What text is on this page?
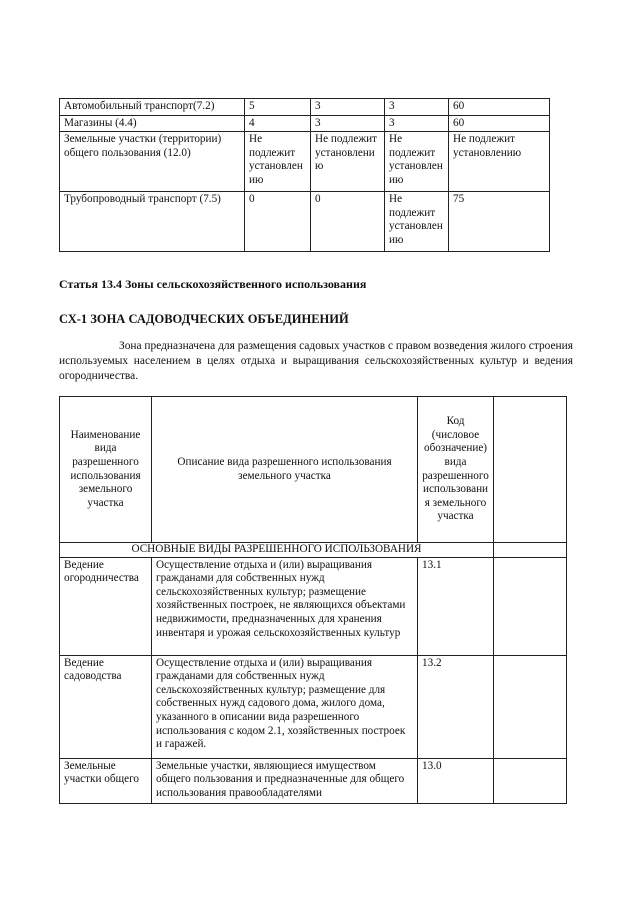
Автомобильный транспорт(7.2)	5	3	3	60
Магазины (4.4)	4	3	3	60
Земельные участки (территории) общего пользования (12.0)	Не подлежит установлению	Не подлежит установлению	Не подлежит установлению	Не подлежит установлению
Трубопроводный транспорт (7.5)	0	0	Не подлежит установлению	75
Статья 13.4 Зоны сельскохозяйственного использования
СХ-1 ЗОНА САДОВОДЧЕСКИХ ОБЪЕДИНЕНИЙ

Зона предназначена для размещения садовых участков с правом возведения жилого строения используемых населением в целях отдыха и выращивания сельскохозяйственных культур и ведения огородничества.

Наименование вида разрешенного использования земельного участка	Описание вида разрешенного использования земельного участка	Код (числовое обозначение) вида разрешенного использования земельного участка	
ОСНОВНЫЕ ВИДЫ РАЗРЕШЕННОГО ИСПОЛЬЗОВАНИЯ			
Ведение огородничества	Осуществление отдыха и (или) выращивания гражданами для собственных нужд сельскохозяйственных культур; размещение хозяйственных построек, не являющихся объектами недвижимости, предназначенных для хранения инвентаря и урожая сельскохозяйственных культур	13.1	
Ведение садоводства	Осуществление отдыха и (или) выращивания гражданами для собственных нужд сельскохозяйственных культур; размещение для собственных нужд садового дома, жилого дома, указанного в описании вида разрешенного использования с кодом 2.1, хозяйственных построек и гаражей.	13.2	
Земельные участки общего	Земельные участки, являющиеся имуществом общего пользования и предназначенные для общего использования правообладателями	13.0	
